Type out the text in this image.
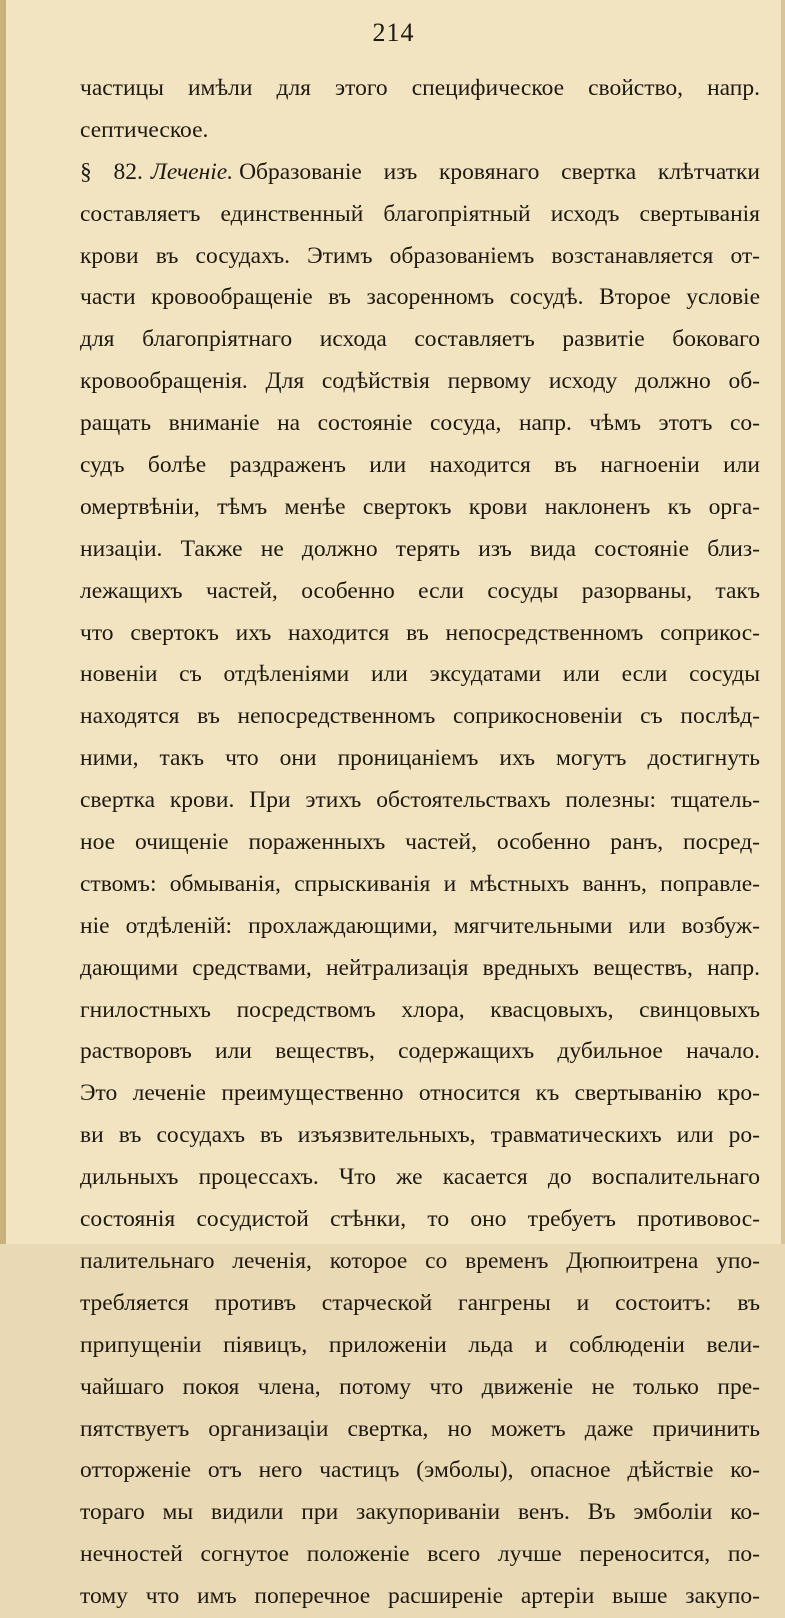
214
частицы имѣли для этого специфическое свойство, напр.
септическое.
§ 82. Леченіе. Образованіе изъ кровянаго свертка клѣтчатки
составляетъ единственный благопріятный исходъ свертыванія
крови въ сосудахъ. Этимъ образованіемъ возстанавляется от-
части кровообращеніе въ засоренномъ сосудѣ. Второе условіе
для благопріятнаго исхода составляетъ развитіе боковаго
кровообращенія. Для содѣйствія первому исходу должно об-
ращать вниманіе на состояніе сосуда, напр. чѣмъ этотъ со-
судъ болѣе раздраженъ или находится въ нагноеніи или
омертвѣніи, тѣмъ менѣе свертокъ крови наклоненъ къ орга-
низаціи. Также не должно терять изъ вида состояніе близ-
лежащихъ частей, особенно если сосуды разорваны, такъ
что свертокъ ихъ находится въ непосредственномъ соприкос-
новеніи съ отдѣленіями или эксудатами или если сосуды
находятся въ непосредственномъ соприкосновеніи съ послѣд-
ними, такъ что они проницаніемъ ихъ могутъ достигнуть
свертка крови. При этихъ обстоятельствахъ полезны: тщатель-
ное очищеніе пораженныхъ частей, особенно ранъ, посред-
ствомъ: обмыванія, спрыскиванія и мѣстныхъ ваннъ, поправле-
ніе отдѣленій: прохлаждающими, мягчительными или возбуж-
дающими средствами, нейтрализація вредныхъ веществъ, напр.
гнилостныхъ посредствомъ хлора, квасцовыхъ, свинцовыхъ
растворовъ или веществъ, содержащихъ дубильное начало.
Это леченіе преимущественно относится къ свертыванію кро-
ви въ сосудахъ въ изъязвительныхъ, травматическихъ или ро-
дильныхъ процессахъ. Что же касается до воспалительнаго
состоянія сосудистой стѣнки, то оно требуетъ противовос-
палительнаго леченія, которое со временъ Дюпюитрена упо-
требляется противъ старческой гангрены и состоитъ: въ
припущеніи піявицъ, приложеніи льда и соблюденіи вели-
чайшаго покоя члена, потому что движеніе не только пре-
пятствуетъ организаціи свертка, но можетъ даже причинить
отторженіе отъ него частицъ (эмболы), опасное дѣйствіе ко-
тораго мы видили при закупориваніи венъ. Въ эмболіи ко-
нечностей согнутое положеніе всего лучше переносится, по-
тому что имъ поперечное расширеніе артеріи выше закупо-
